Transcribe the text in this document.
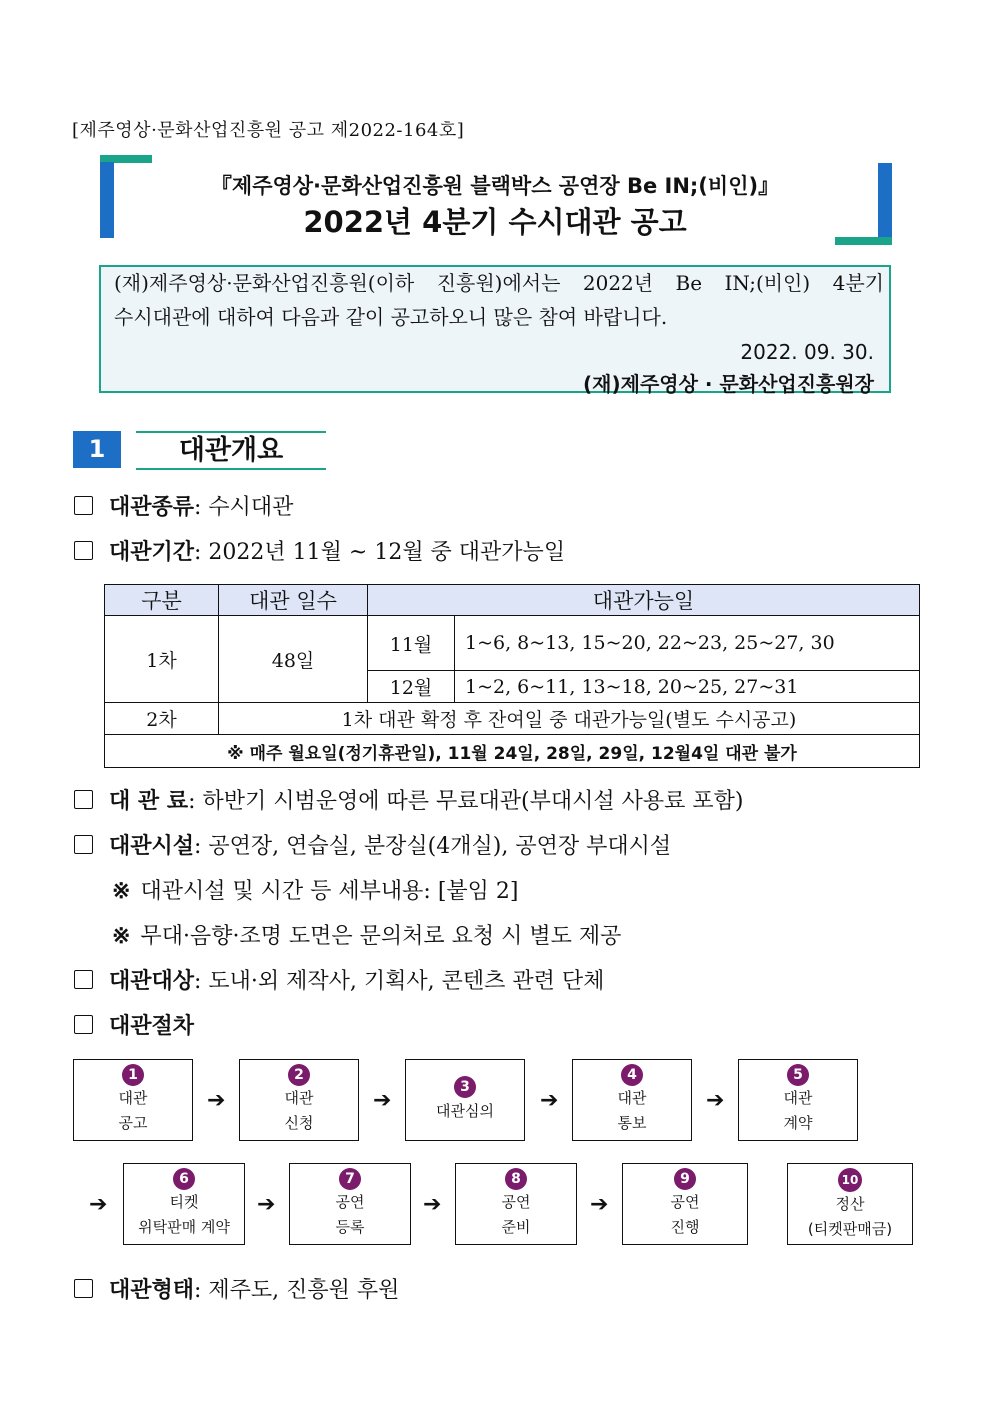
[제주영상·문화산업진흥원 공고 제2022-164호]
『제주영상·문화산업진흥원 블랙박스 공연장 Be IN;(비인)』
2022년 4분기 수시대관 공고
(재)제주영상·문화산업진흥원(이하 진흥원)에서는 2022년 Be IN;(비인) 4분기
수시대관에 대하여 다음과 같이 공고하오니 많은 참여 바랍니다.
2022. 09. 30.
(재)제주영상 · 문화산업진흥원장
1	대관개요
대관종류: 수시대관
대관기간: 2022년 11월 ~ 12월 중 대관가능일
구분	대관 일수	대관가능일	
1차	48일	11월	1~6, 8~13, 15~20, 22~23, 25~27, 30
		12월	1~2, 6~11, 13~18, 20~25, 27~31
2차	1차 대관 확정 후 잔여일 중 대관가능일(별도 수시공고)		
※ 매주 월요일(정기휴관일), 11월 24일, 28일, 29일, 12월4일 대관 불가			
대 관 료: 하반기 시범운영에 따른 무료대관(부대시설 사용료 포함)
대관시설: 공연장, 연습실, 분장실(4개실), 공연장 부대시설
※ 대관시설 및 시간 등 세부내용: [붙임 2]
※ 무대·음향·조명 도면은 문의처로 요청 시 별도 제공
대관대상: 도내·외 제작사, 기획사, 콘텐츠 관련 단체
대관절차
1
대관
공고
➔
2
대관
신청
➔
3
대관심의	➔
4
대관
통보
➔
5
대관
계약
➔
6
티켓
위탁판매 계약
➔
7
공연
등록
➔
8
공연
준비
➔
9
공연
진행
10
정산
(티켓판매금)
대관형태: 제주도, 진흥원 후원
